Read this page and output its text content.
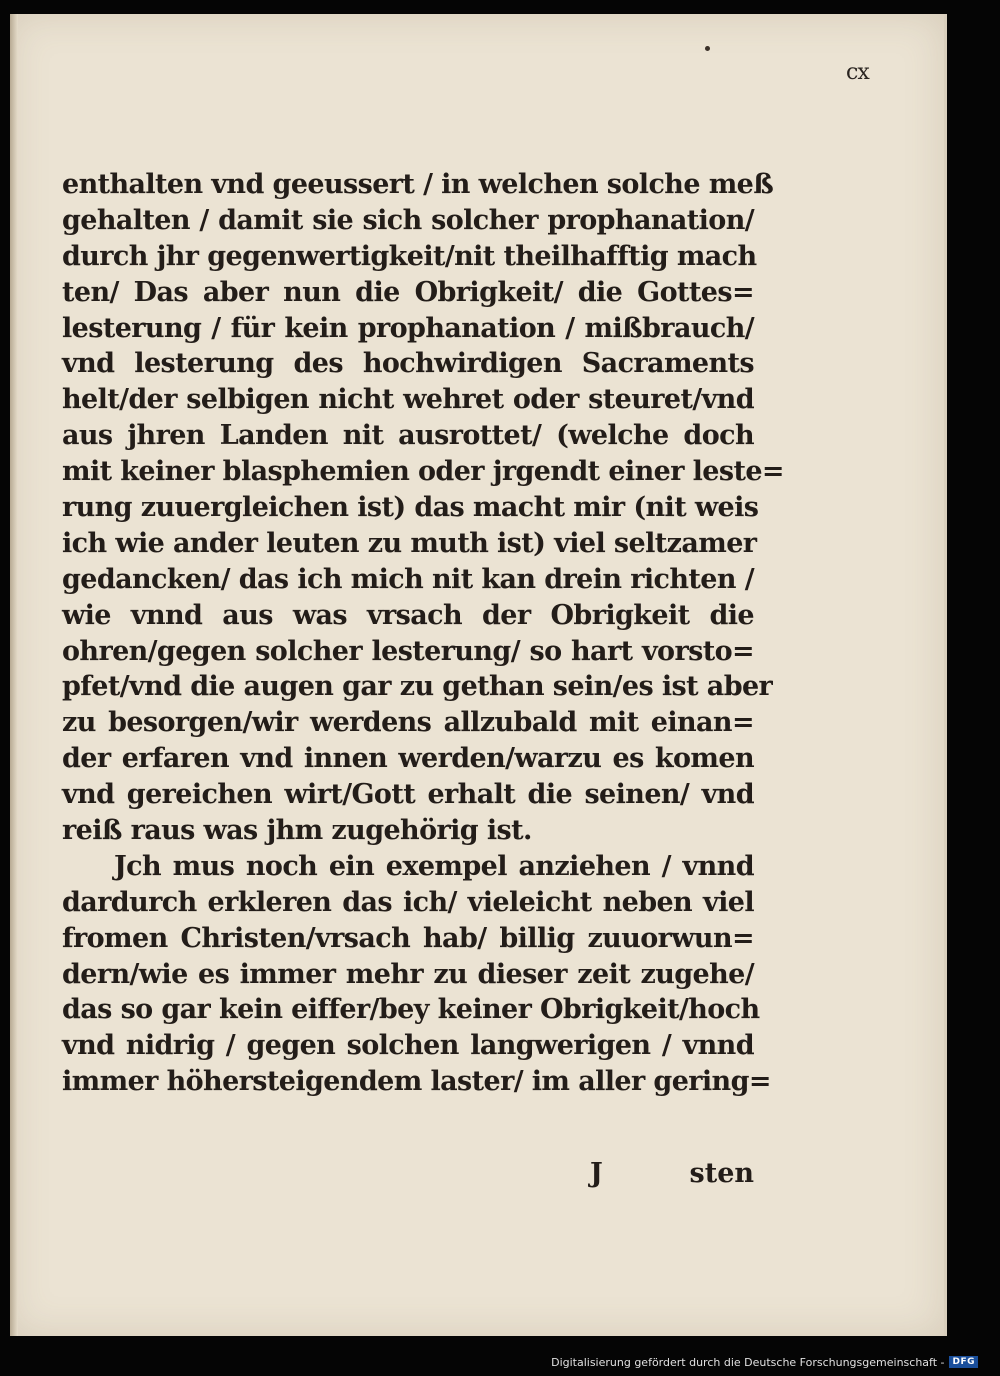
cx
enthalten vnd geeussert / in welchen solche meß
gehalten / damit sie sich solcher prophanation/
durch jhr gegenwertigkeit/nit theilhafftig mach
ten/ Das aber nun die Obrigkeit/ die Gottes=
lesterung / für kein prophanation / mißbrauch/
vnd lesterung des hochwirdigen Sacraments
helt/der selbigen nicht wehret oder steuret/vnd
aus jhren Landen nit ausrottet/ (welche doch
mit keiner blasphemien oder jrgendt einer leste=
rung zuuergleichen ist) das macht mir (nit weis
ich wie ander leuten zu muth ist) viel seltzamer
gedancken/ das ich mich nit kan drein richten /
wie vnnd aus was vrsach der Obrigkeit die
ohren/gegen solcher lesterung/ so hart vorsto=
pfet/vnd die augen gar zu gethan sein/es ist aber
zu besorgen/wir werdens allzubald mit einan=
der erfaren vnd innen werden/warzu es komen
vnd gereichen wirt/Gott erhalt die seinen/ vnd
reiß raus was jhm zugehörig ist.
Jch mus noch ein exempel anziehen / vnnd
dardurch erkleren das ich/ vieleicht neben viel
fromen Christen/vrsach hab/ billig zuuorwun=
dern/wie es immer mehr zu dieser zeit zugehe/
das so gar kein eiffer/bey keiner Obrigkeit/hoch
vnd nidrig / gegen solchen langwerigen / vnnd
immer höhersteigendem laster/ im aller gering=
J	sten
Digitalisierung gefördert durch die Deutsche Forschungsgemeinschaft - DFG
